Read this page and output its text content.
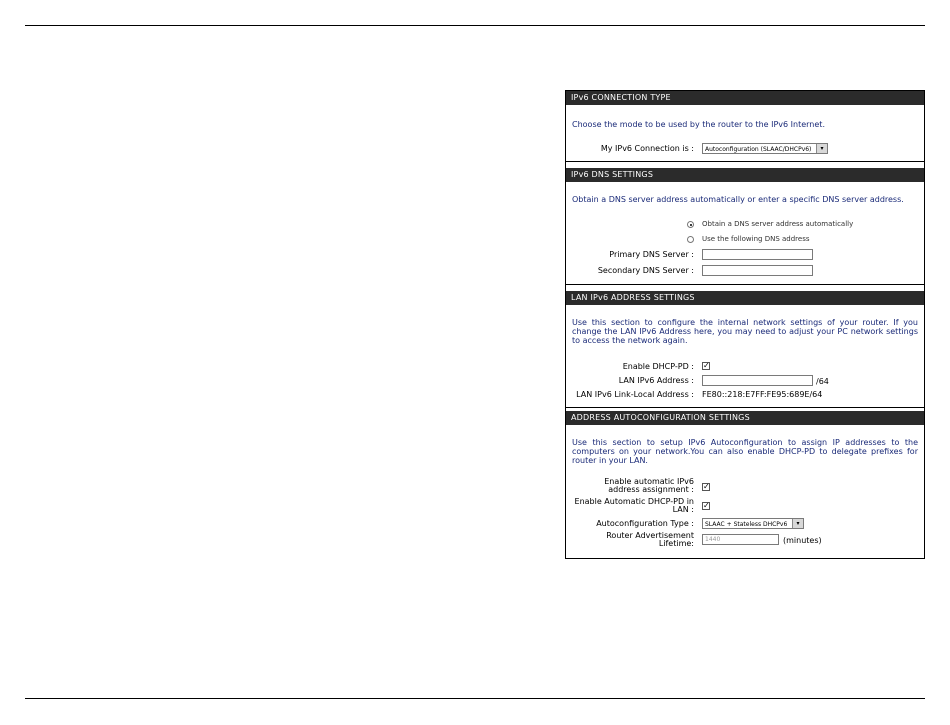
IPv6 CONNECTION TYPE
Choose the mode to be used by the router to the IPv6 Internet.
My IPv6 Connection is :	Autoconfiguration (SLAAC/DHCPv6)	▾
IPv6 DNS SETTINGS
Obtain a DNS server address automatically or enter a specific DNS server address.
Obtain a DNS server address automatically
Use the following DNS address
Primary DNS Server :
Secondary DNS Server :
LAN IPv6 ADDRESS SETTINGS
Use this section to configure the internal network settings of your router. If you change the LAN IPv6 Address here, you may need to adjust your PC network settings to access the network again.
Enable DHCP-PD : ✓
LAN IPv6 Address :	/64
LAN IPv6 Link-Local Address : FE80::218:E7FF:FE95:689E/64
ADDRESS AUTOCONFIGURATION SETTINGS
Use this section to setup IPv6 Autoconfiguration to assign IP addresses to the computers on your network.You can also enable DHCP-PD to delegate prefixes for router in your LAN.
Enable automatic IPv6
address assignment : ✓
Enable Automatic DHCP-PD in
LAN : ✓
Autoconfiguration Type :	SLAAC + Stateless DHCPv6	▾
Router Advertisement
Lifetime:	1440	(minutes)
